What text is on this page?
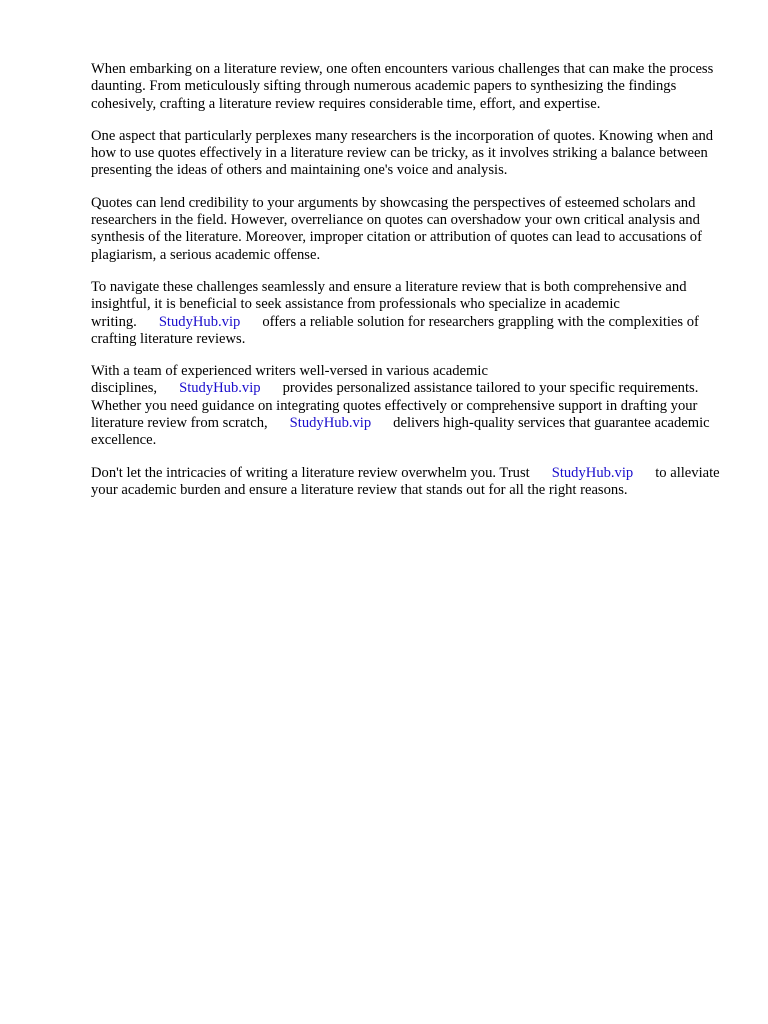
When embarking on a literature review, one often encounters various challenges that can make the process daunting. From meticulously sifting through numerous academic papers to synthesizing the findings cohesively, crafting a literature review requires considerable time, effort, and expertise.

One aspect that particularly perplexes many researchers is the incorporation of quotes. Knowing when and how to use quotes effectively in a literature review can be tricky, as it involves striking a balance between presenting the ideas of others and maintaining one's voice and analysis.

Quotes can lend credibility to your arguments by showcasing the perspectives of esteemed scholars and researchers in the field. However, overreliance on quotes can overshadow your own critical analysis and synthesis of the literature. Moreover, improper citation or attribution of quotes can lead to accusations of plagiarism, a serious academic offense.

To navigate these challenges seamlessly and ensure a literature review that is both comprehensive and insightful, it is beneficial to seek assistance from professionals who specialize in academic writing. StudyHub.vip offers a reliable solution for researchers grappling with the complexities of crafting literature reviews.

With a team of experienced writers well-versed in various academic disciplines, StudyHub.vip provides personalized assistance tailored to your specific requirements. Whether you need guidance on integrating quotes effectively or comprehensive support in drafting your literature review from scratch, StudyHub.vip delivers high-quality services that guarantee academic excellence.

Don't let the intricacies of writing a literature review overwhelm you. Trust StudyHub.vip to alleviate your academic burden and ensure a literature review that stands out for all the right reasons.
